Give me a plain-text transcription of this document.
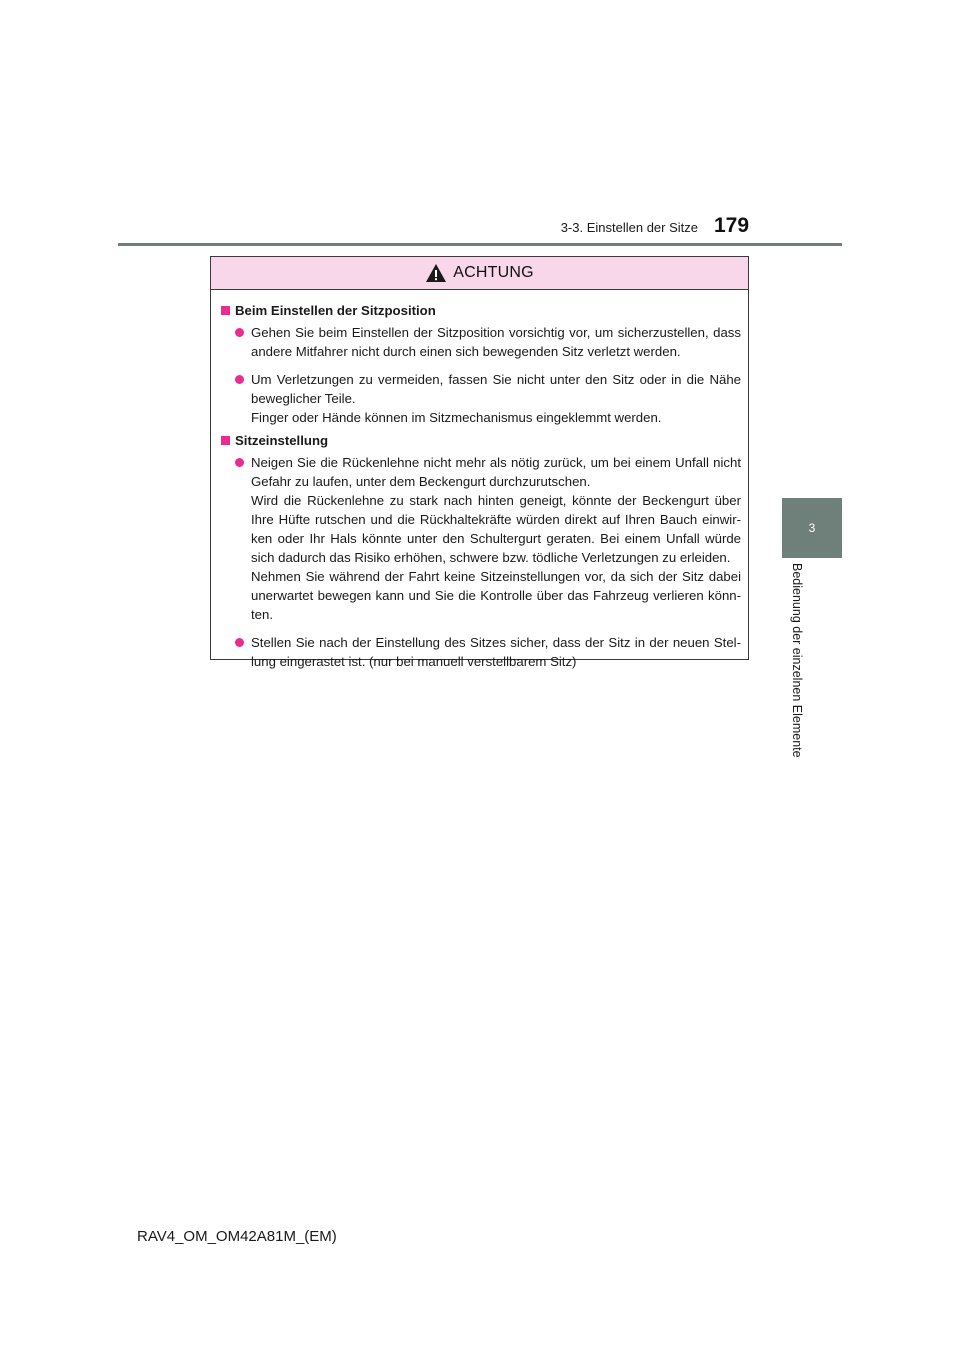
3-3. Einstellen der Sitze 179
3
Bedienung der einzelnen Elemente
ACHTUNG
Beim Einstellen der Sitzposition
Gehen Sie beim Einstellen der Sitzposition vorsichtig vor, um sicherzustellen, dass andere Mitfahrer nicht durch einen sich bewegenden Sitz verletzt werden.
Um Verletzungen zu vermeiden, fassen Sie nicht unter den Sitz oder in die Nähe beweglicher Teile.
Finger oder Hände können im Sitzmechanismus eingeklemmt werden.
Sitzeinstellung
Neigen Sie die Rückenlehne nicht mehr als nötig zurück, um bei einem Unfall nicht Gefahr zu laufen, unter dem Beckengurt durchzurutschen.
Wird die Rückenlehne zu stark nach hinten geneigt, könnte der Beckengurt über Ihre Hüfte rutschen und die Rückhaltekräfte würden direkt auf Ihren Bauch einwir-ken oder Ihr Hals könnte unter den Schultergurt geraten. Bei einem Unfall würde sich dadurch das Risiko erhöhen, schwere bzw. tödliche Verletzungen zu erleiden.
Nehmen Sie während der Fahrt keine Sitzeinstellungen vor, da sich der Sitz dabei unerwartet bewegen kann und Sie die Kontrolle über das Fahrzeug verlieren könn-ten.
Stellen Sie nach der Einstellung des Sitzes sicher, dass der Sitz in der neuen Stel-lung eingerastet ist. (nur bei manuell verstellbarem Sitz)
RAV4_OM_OM42A81M_(EM)
